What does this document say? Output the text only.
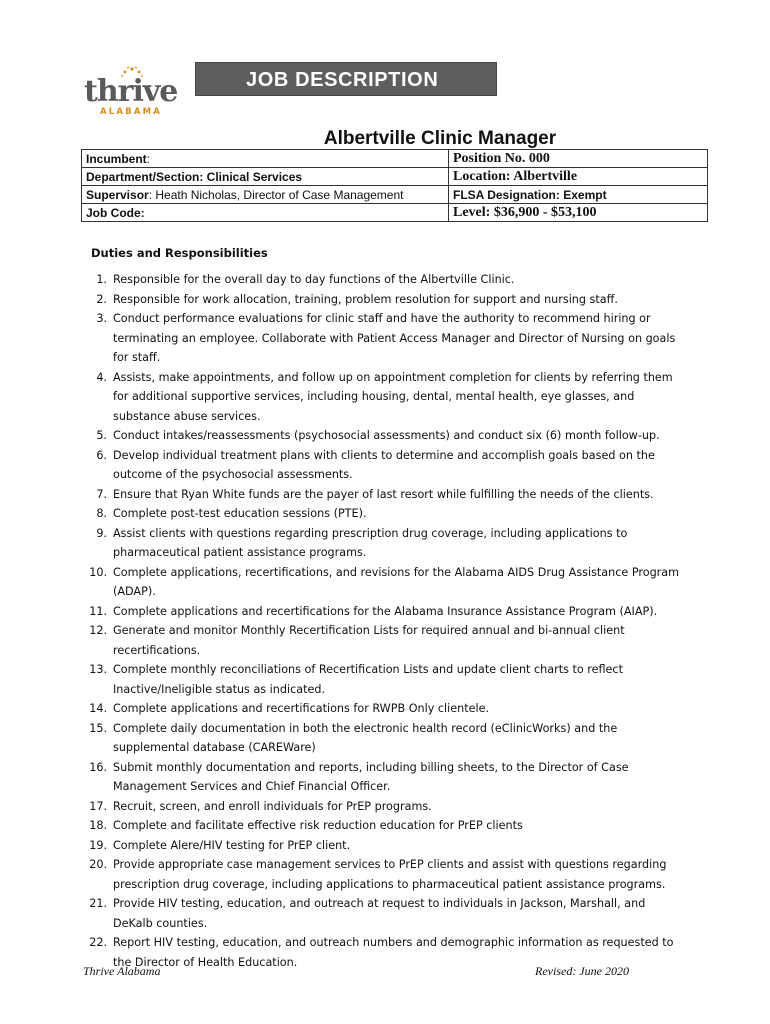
thrive
ALABAMA
JOB DESCRIPTION
Albertville Clinic Manager
Incumbent:	Position No. 000
Department/Section: Clinical Services	Location: Albertville
Supervisor: Heath Nicholas, Director of Case Management	FLSA Designation: Exempt
Job Code:	Level: $36,900 - $53,100
Duties and Responsibilities
1. Responsible for the overall day to day functions of the Albertville Clinic.
2. Responsible for work allocation, training, problem resolution for support and nursing staff.
3. Conduct performance evaluations for clinic staff and have the authority to recommend hiring or terminating an employee. Collaborate with Patient Access Manager and Director of Nursing on goals for staff.
4. Assists, make appointments, and follow up on appointment completion for clients by referring them for additional supportive services, including housing, dental, mental health, eye glasses, and substance abuse services.
5. Conduct intakes/reassessments (psychosocial assessments) and conduct six (6) month follow-up.
6. Develop individual treatment plans with clients to determine and accomplish goals based on the outcome of the psychosocial assessments.
7. Ensure that Ryan White funds are the payer of last resort while fulfilling the needs of the clients.
8. Complete post-test education sessions (PTE).
9. Assist clients with questions regarding prescription drug coverage, including applications to pharmaceutical patient assistance programs.
10. Complete applications, recertifications, and revisions for the Alabama AIDS Drug Assistance Program (ADAP).
11. Complete applications and recertifications for the Alabama Insurance Assistance Program (AIAP).
12. Generate and monitor Monthly Recertification Lists for required annual and bi-annual client recertifications.
13. Complete monthly reconciliations of Recertification Lists and update client charts to reflect Inactive/Ineligible status as indicated.
14. Complete applications and recertifications for RWPB Only clientele.
15. Complete daily documentation in both the electronic health record (eClinicWorks) and the supplemental database (CAREWare)
16. Submit monthly documentation and reports, including billing sheets, to the Director of Case Management Services and Chief Financial Officer.
17. Recruit, screen, and enroll individuals for PrEP programs.
18. Complete and facilitate effective risk reduction education for PrEP clients
19. Complete Alere/HIV testing for PrEP client.
20. Provide appropriate case management services to PrEP clients and assist with questions regarding prescription drug coverage, including applications to pharmaceutical patient assistance programs.
21. Provide HIV testing, education, and outreach at request to individuals in Jackson, Marshall, and DeKalb counties.
22. Report HIV testing, education, and outreach numbers and demographic information as requested to the Director of Health Education.
Thrive Alabama	Revised: June 2020
